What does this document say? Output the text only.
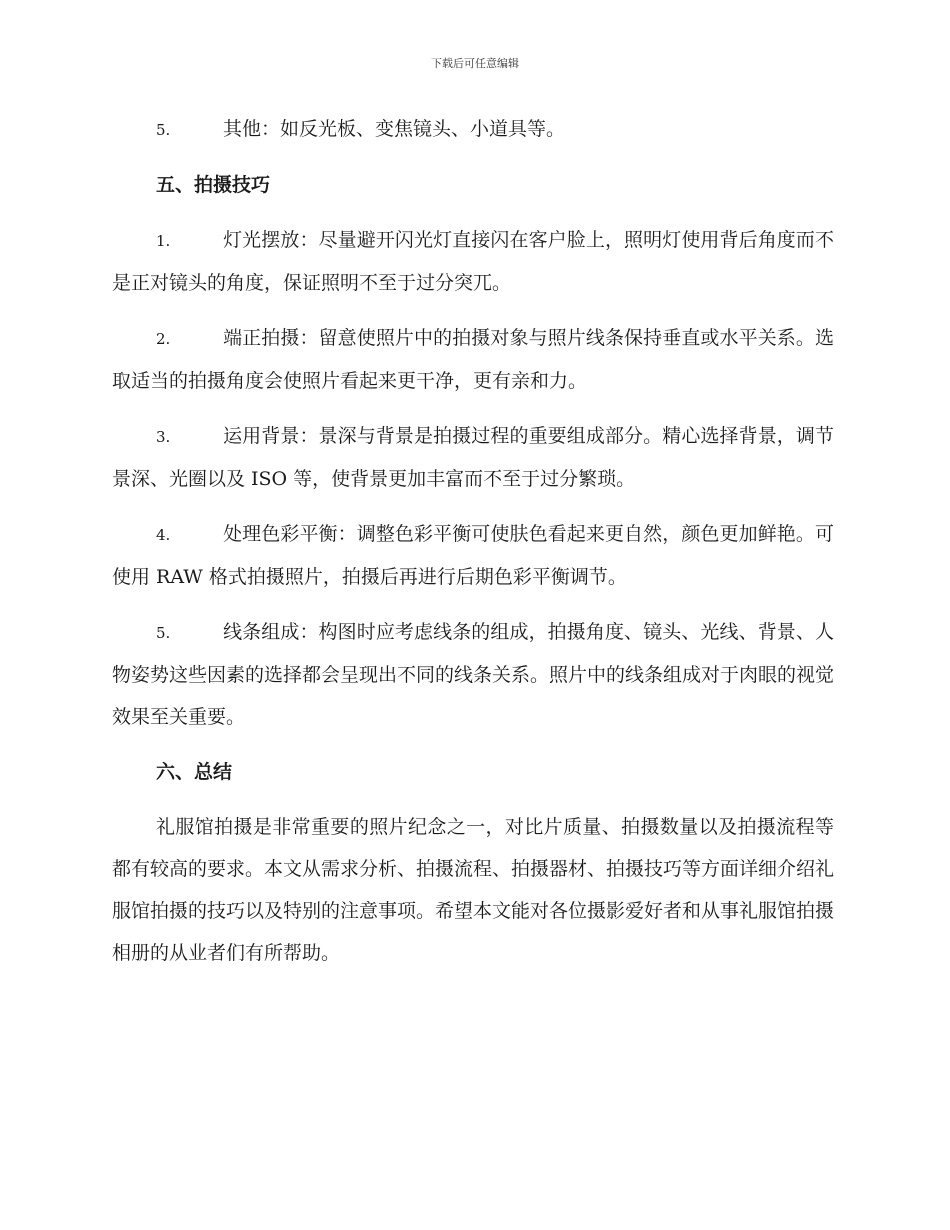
下载后可任意编辑

5.	其他：如反光板、变焦镜头、小道具等。

五、拍摄技巧

1.	灯光摆放：尽量避开闪光灯直接闪在客户脸上，照明灯使用背后角度而不是正对镜头的角度，保证照明不至于过分突兀。

2.	端正拍摄：留意使照片中的拍摄对象与照片线条保持垂直或水平关系。选取适当的拍摄角度会使照片看起来更干净，更有亲和力。

3.	运用背景：景深与背景是拍摄过程的重要组成部分。精心选择背景，调节景深、光圈以及 ISO 等，使背景更加丰富而不至于过分繁琐。

4.	处理色彩平衡：调整色彩平衡可使肤色看起来更自然，颜色更加鲜艳。可使用 RAW 格式拍摄照片，拍摄后再进行后期色彩平衡调节。

5.	线条组成：构图时应考虑线条的组成，拍摄角度、镜头、光线、背景、人物姿势这些因素的选择都会呈现出不同的线条关系。照片中的线条组成对于肉眼的视觉效果至关重要。

六、总结

礼服馆拍摄是非常重要的照片纪念之一，对比片质量、拍摄数量以及拍摄流程等都有较高的要求。本文从需求分析、拍摄流程、拍摄器材、拍摄技巧等方面详细介绍礼服馆拍摄的技巧以及特别的注意事项。希望本文能对各位摄影爱好者和从事礼服馆拍摄相册的从业者们有所帮助。
